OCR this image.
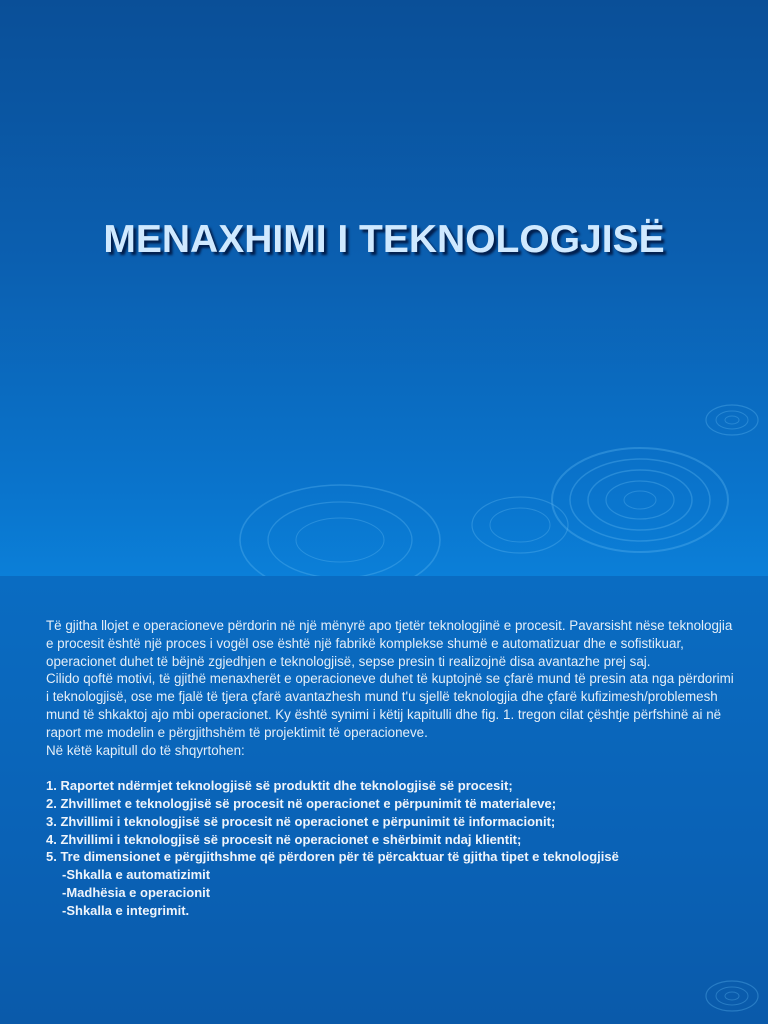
MENAXHIMI I TEKNOLOGJISË

Të gjitha llojet e operacioneve përdorin në një mënyrë apo tjetër teknologjinë e procesit. Pavarsisht nëse teknologjia e procesit është një proces i vogël ose është një fabrikë komplekse shumë e automatizuar dhe e sofistikuar, operacionet duhet të bëjnë zgjedhjen e teknologjisë, sepse presin ti realizojnë disa avantazhe prej saj.

Cilido qoftë motivi, të gjithë menaxherët e operacioneve duhet të kuptojnë se çfarë mund të presin ata nga përdorimi i teknologjisë, ose me fjalë të tjera çfarë avantazhesh mund t'u sjellë teknologjia dhe çfarë kufizimesh/problemesh mund të shkaktoj ajo mbi operacionet. Ky është synimi i këtij kapitulli dhe fig. 1. tregon cilat çështje përfshinë ai në raport me modelin e përgjithshëm të projektimit të operacioneve.

Në këtë kapitull do të shqyrtohen:

1. Raportet ndërmjet teknologjisë së produktit dhe teknologjisë së procesit;
2. Zhvillimet e teknologjisë së procesit në operacionet e përpunimit të materialeve;
3. Zhvillimi i teknologjisë së procesit në operacionet e përpunimit të informacionit;
4. Zhvillimi i teknologjisë së procesit në operacionet e shërbimit ndaj klientit;
5. Tre dimensionet e përgjithshme që përdoren për të përcaktuar të gjitha tipet e teknologjisë
-Shkalla e automatizimit
-Madhësia e operacionit
-Shkalla e integrimit.
